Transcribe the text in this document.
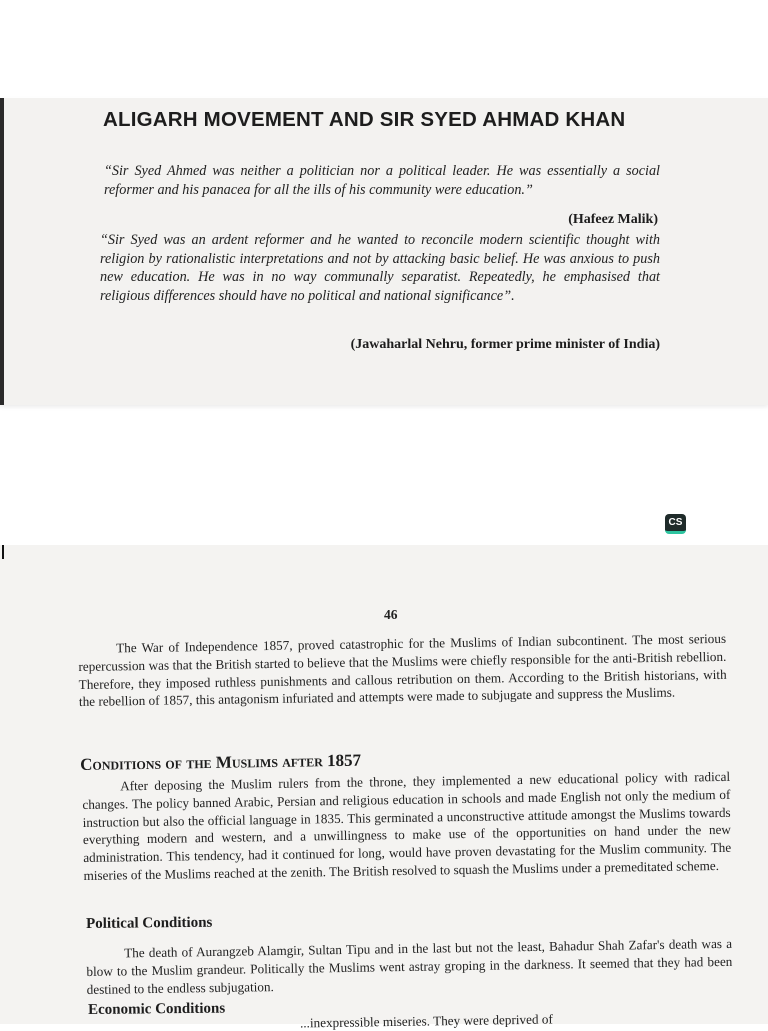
ALIGARH MOVEMENT AND SIR SYED AHMAD KHAN

“Sir Syed Ahmed was neither a politician nor a political leader. He was essentially a social reformer and his panacea for all the ills of his community were education.”

(Hafeez Malik)

“Sir Syed was an ardent reformer and he wanted to reconcile modern scientific thought with religion by rationalistic interpretations and not by attacking basic belief. He was anxious to push new education. He was in no way communally separatist. Repeatedly, he emphasised that religious differences should have no political and national significance”.

(Jawaharlal Nehru, former prime minister of India)

CS

46

The War of Independence 1857, proved catastrophic for the Muslims of Indian subcontinent. The most serious repercussion was that the British started to believe that the Muslims were chiefly responsible for the anti-British rebellion. Therefore, they imposed ruthless punishments and callous retribution on them. According to the British historians, with the rebellion of 1857, this antagonism infuriated and attempts were made to subjugate and suppress the Muslims.

Conditions of the Muslims after 1857

After deposing the Muslim rulers from the throne, they implemented a new educational policy with radical changes. The policy banned Arabic, Persian and religious education in schools and made English not only the medium of instruction but also the official language in 1835. This germinated a unconstructive attitude amongst the Muslims towards everything modern and western, and a unwillingness to make use of the opportunities on hand under the new administration. This tendency, had it continued for long, would have proven devastating for the Muslim community. The miseries of the Muslims reached at the zenith. The British resolved to squash the Muslims under a premeditated scheme.

Political Conditions

The death of Aurangzeb Alamgir, Sultan Tipu and in the last but not the least, Bahadur Shah Zafar's death was a blow to the Muslim grandeur. Politically the Muslims went astray groping in the darkness. It seemed that they had been destined to the endless subjugation.

Economic Conditions
...inexpressible miseries. They were deprived of
